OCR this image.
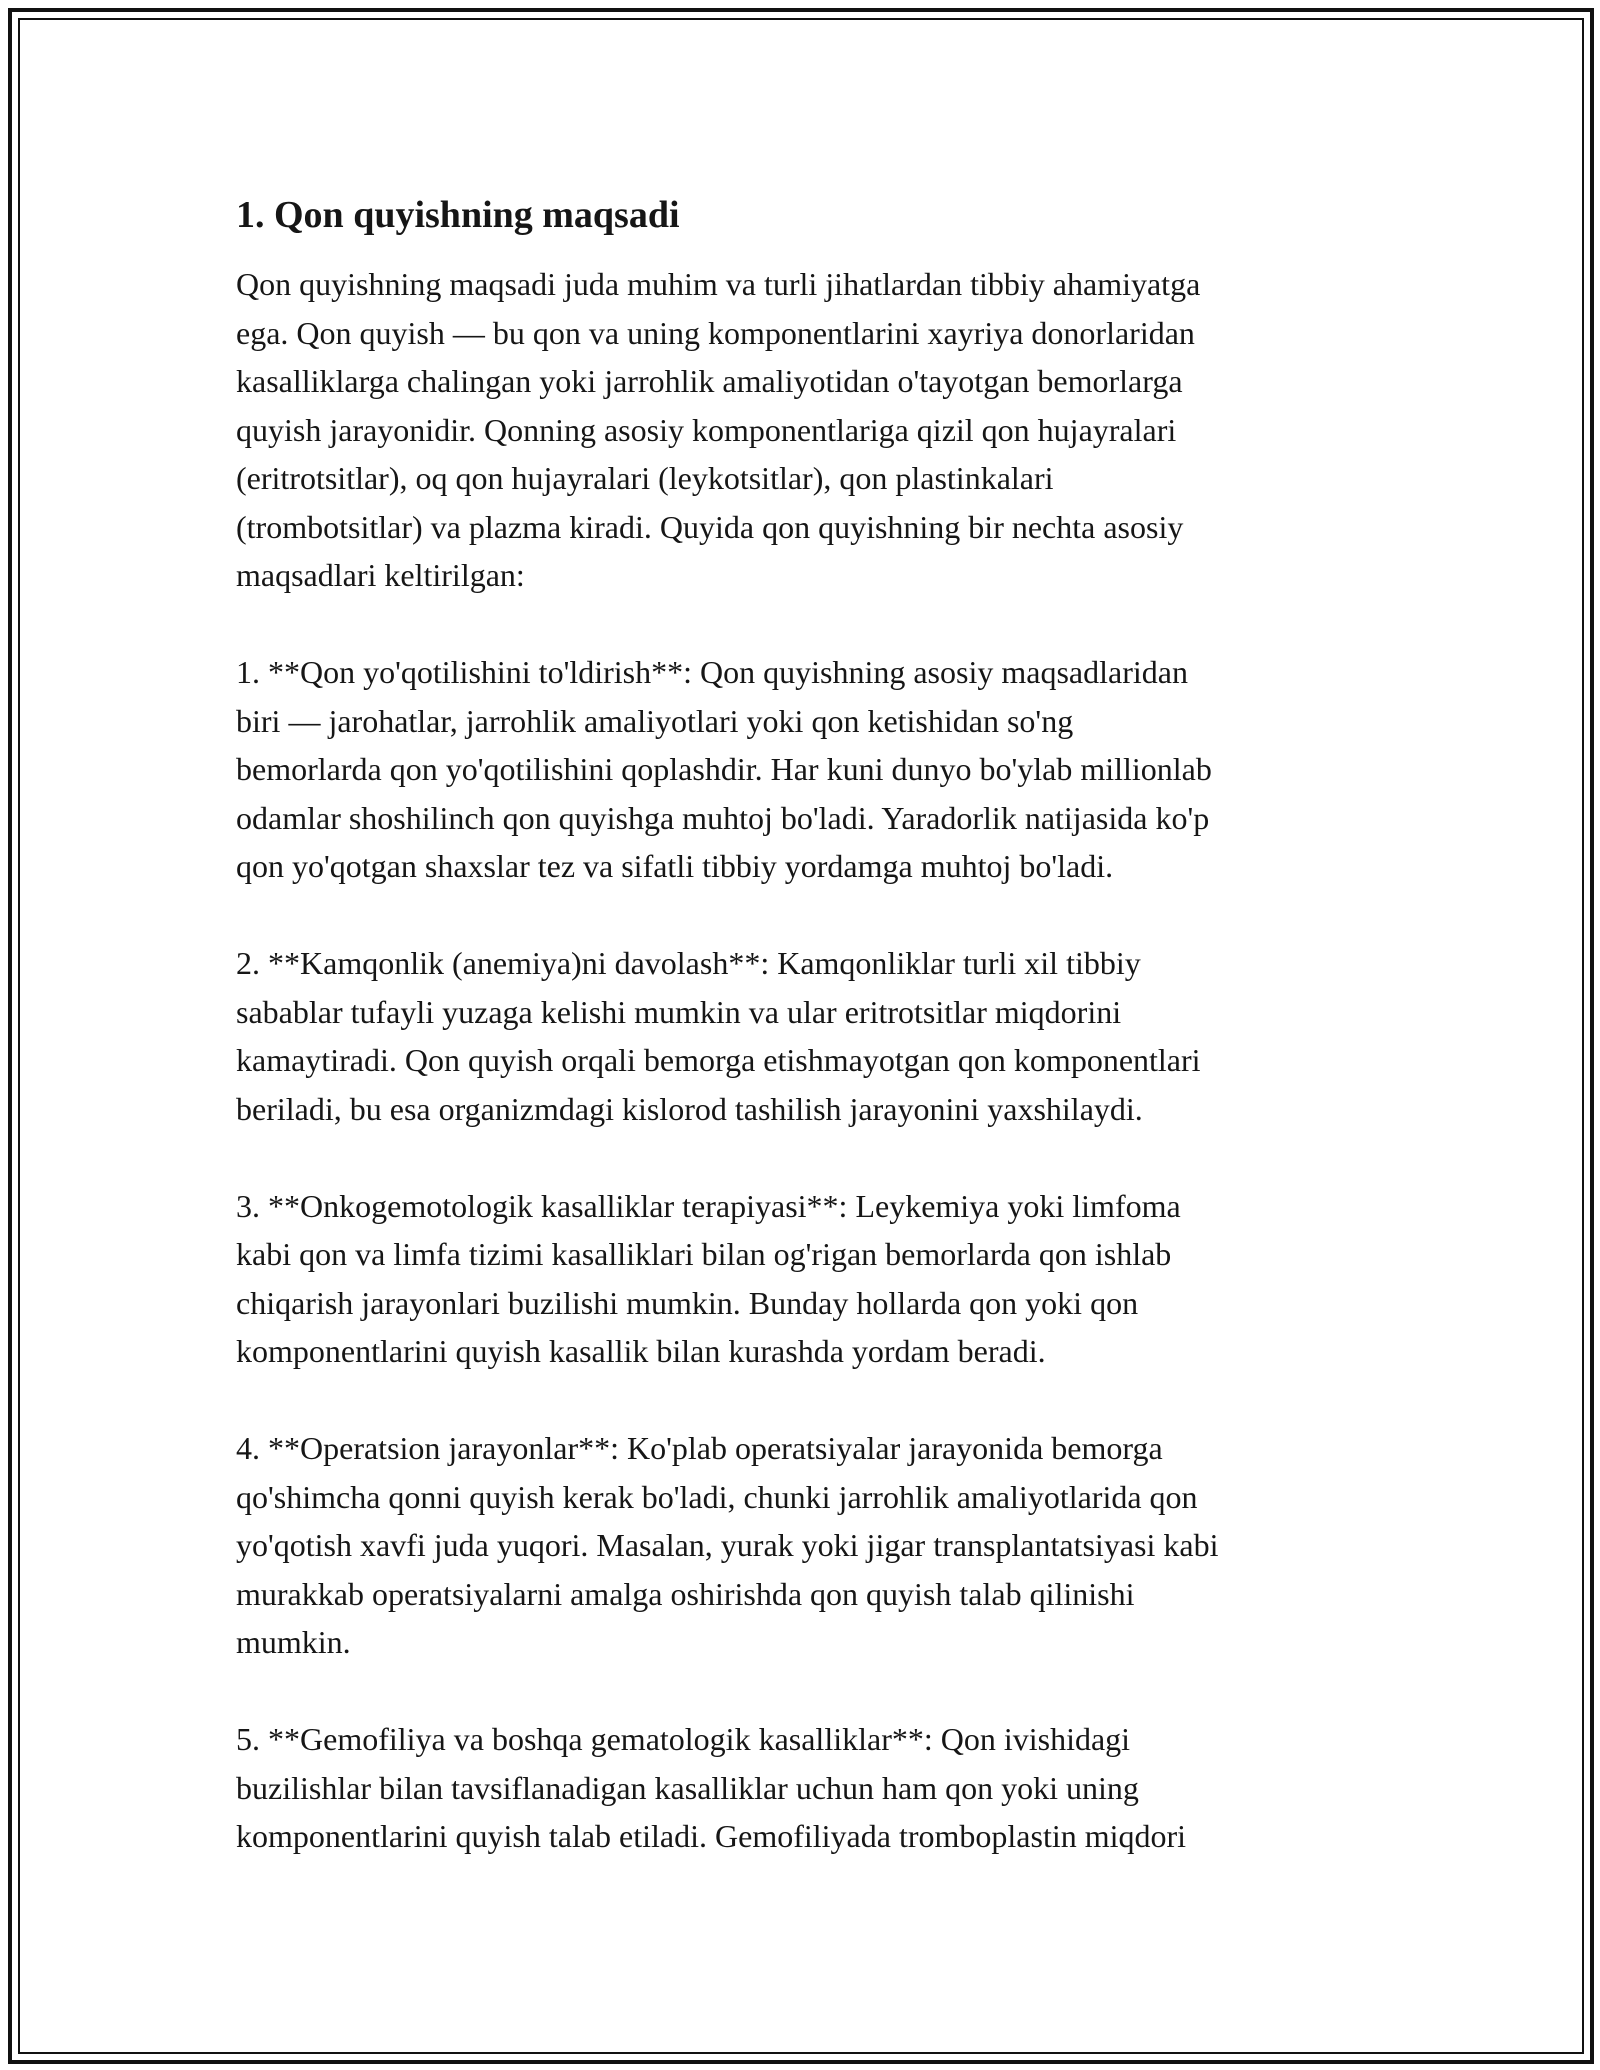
1. Qon quyishning maqsadi

Qon quyishning maqsadi juda muhim va turli jihatlardan tibbiy ahamiyatga
ega. Qon quyish — bu qon va uning komponentlarini xayriya donorlaridan
kasalliklarga chalingan yoki jarrohlik amaliyotidan o'tayotgan bemorlarga
quyish jarayonidir. Qonning asosiy komponentlariga qizil qon hujayralari
(eritrotsitlar), oq qon hujayralari (leykotsitlar), qon plastinkalari
(trombotsitlar) va plazma kiradi. Quyida qon quyishning bir nechta asosiy
maqsadlari keltirilgan:

1. **Qon yo'qotilishini to'ldirish**: Qon quyishning asosiy maqsadlaridan
biri — jarohatlar, jarrohlik amaliyotlari yoki qon ketishidan so'ng
bemorlarda qon yo'qotilishini qoplashdir. Har kuni dunyo bo'ylab millionlab
odamlar shoshilinch qon quyishga muhtoj bo'ladi. Yaradorlik natijasida ko'p
qon yo'qotgan shaxslar tez va sifatli tibbiy yordamga muhtoj bo'ladi.

2. **Kamqonlik (anemiya)ni davolash**: Kamqonliklar turli xil tibbiy
sabablar tufayli yuzaga kelishi mumkin va ular eritrotsitlar miqdorini
kamaytiradi. Qon quyish orqali bemorga etishmayotgan qon komponentlari
beriladi, bu esa organizmdagi kislorod tashilish jarayonini yaxshilaydi.

3. **Onkogemotologik kasalliklar terapiyasi**: Leykemiya yoki limfoma
kabi qon va limfa tizimi kasalliklari bilan og'rigan bemorlarda qon ishlab
chiqarish jarayonlari buzilishi mumkin. Bunday hollarda qon yoki qon
komponentlarini quyish kasallik bilan kurashda yordam beradi.

4. **Operatsion jarayonlar**: Ko'plab operatsiyalar jarayonida bemorga
qo'shimcha qonni quyish kerak bo'ladi, chunki jarrohlik amaliyotlarida qon
yo'qotish xavfi juda yuqori. Masalan, yurak yoki jigar transplantatsiyasi kabi
murakkab operatsiyalarni amalga oshirishda qon quyish talab qilinishi
mumkin.

5. **Gemofiliya va boshqa gematologik kasalliklar**: Qon ivishidagi
buzilishlar bilan tavsiflanadigan kasalliklar uchun ham qon yoki uning
komponentlarini quyish talab etiladi. Gemofiliyada tromboplastin miqdori
